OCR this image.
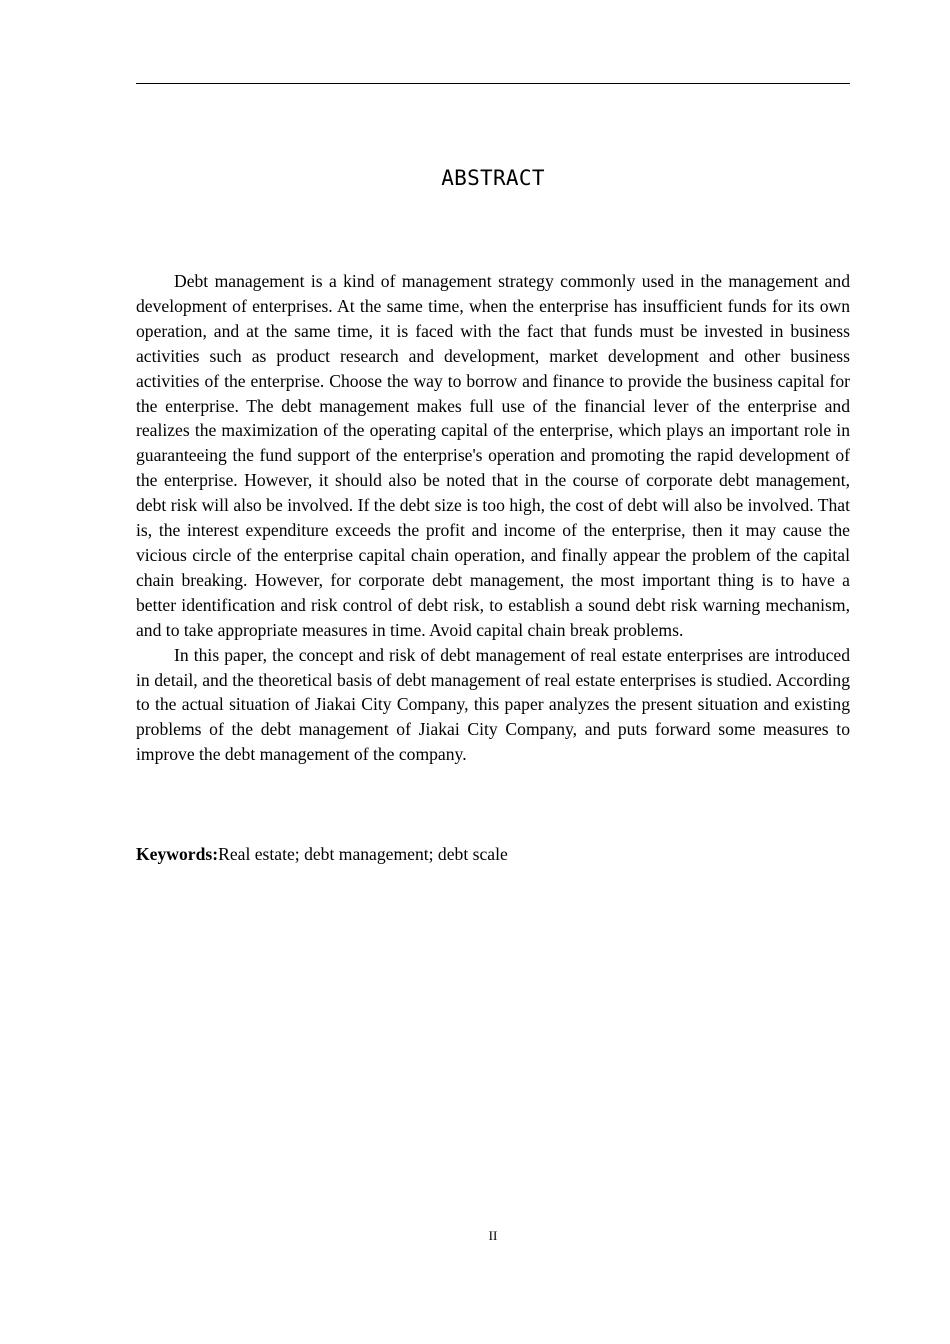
ABSTRACT

Debt management is a kind of management strategy commonly used in the management and development of enterprises. At the same time, when the enterprise has insufficient funds for its own operation, and at the same time, it is faced with the fact that funds must be invested in business activities such as product research and development, market development and other business activities of the enterprise. Choose the way to borrow and finance to provide the business capital for the enterprise. The debt management makes full use of the financial lever of the enterprise and realizes the maximization of the operating capital of the enterprise, which plays an important role in guaranteeing the fund support of the enterprise's operation and promoting the rapid development of the enterprise. However, it should also be noted that in the course of corporate debt management, debt risk will also be involved. If the debt size is too high, the cost of debt will also be involved. That is, the interest expenditure exceeds the profit and income of the enterprise, then it may cause the vicious circle of the enterprise capital chain operation, and finally appear the problem of the capital chain breaking. However, for corporate debt management, the most important thing is to have a better identification and risk control of debt risk, to establish a sound debt risk warning mechanism, and to take appropriate measures in time. Avoid capital chain break problems.

In this paper, the concept and risk of debt management of real estate enterprises are introduced in detail, and the theoretical basis of debt management of real estate enterprises is studied. According to the actual situation of Jiakai City Company, this paper analyzes the present situation and existing problems of the debt management of Jiakai City Company, and puts forward some measures to improve the debt management of the company.

Keywords:Real estate; debt management; debt scale
II
